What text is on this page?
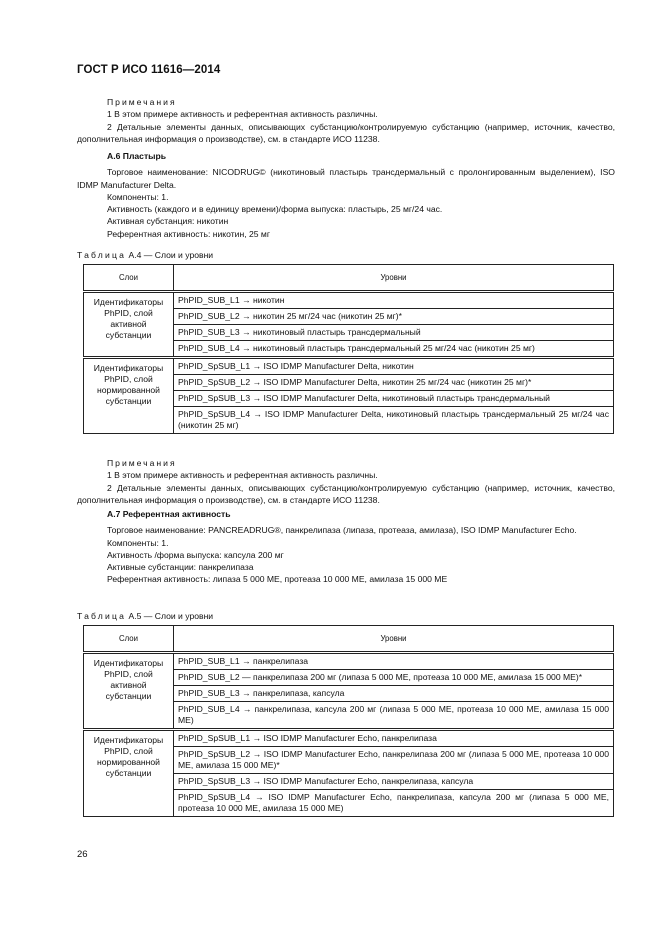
ГОСТ Р ИСО 11616—2014

Примечания

1 В этом примере активность и референтная активность различны.

2 Детальные элементы данных, описывающих субстанцию/контролируемую субстанцию (например, источник, качество, дополнительная информация о производстве), см. в стандарте ИСО 11238.

А.6 Пластырь

Торговое наименование: NICODRUG© (никотиновый пластырь трансдермальный с пролонгированным выделением), ISO IDMP Manufacturer Delta.

Компоненты: 1.

Активность (каждого и в единицу времени)/форма выпуска: пластырь, 25 мг/24 час.

Активная субстанция: никотин

Референтная активность: никотин, 25 мг

Таблица А.4 — Слои и уровни
Слои	Уровни

Идентификаторы PhPID, слой активной субстанции	PhPID_SUB_L1 → никотин
	PhPID_SUB_L2 → никотин 25 мг/24 час (никотин 25 мг)*
	PhPID_SUB_L3 → никотиновый пластырь трансдермальный
	PhPID_SUB_L4 → никотиновый пластырь трансдермальный 25 мг/24 час (никотин 25 мг)

Идентификаторы PhPID, слой нормированной субстанции	PhPID_SpSUB_L1 → ISO IDMP Manufacturer Delta, никотин
	PhPID_SpSUB_L2 → ISO IDMP Manufacturer Delta, никотин 25 мг/24 час (никотин 25 мг)*
	PhPID_SpSUB_L3 → ISO IDMP Manufacturer Delta, никотиновый пластырь трансдермальный
	PhPID_SpSUB_L4 → ISO IDMP Manufacturer Delta, никотиновый пластырь трансдермальный 25 мг/24 час (никотин 25 мг)

Примечания

1 В этом примере активность и референтная активность различны.

2 Детальные элементы данных, описывающих субстанцию/контролируемую субстанцию (например, источник, качество, дополнительная информация о производстве), см. в стандарте ИСО 11238.

А.7 Референтная активность

Торговое наименование: PANCREADRUG®, панкрелипаза (липаза, протеаза, амилаза), ISO IDMP Manufacturer Echo.

Компоненты: 1.

Активность /форма выпуска: капсула 200 мг

Активные субстанции: панкрелипаза

Референтная активность: липаза 5 000 МЕ, протеаза 10 000 МЕ, амилаза 15 000 МЕ

Таблица А.5 — Слои и уровни
Слои	Уровни

Идентификаторы PhPID, слой активной субстанции	PhPID_SUB_L1 → панкрелипаза
	PhPID_SUB_L2 — панкрелипаза 200 мг (липаза 5 000 МЕ, протеаза 10 000 МЕ, амилаза 15 000 МЕ)*
	PhPID_SUB_L3 → панкрелипаза, капсула
	PhPID_SUB_L4 → панкрелипаза, капсула 200 мг (липаза 5 000 МЕ, протеаза 10 000 МЕ, амилаза 15 000 МЕ)

Идентификаторы PhPID, слой нормированной субстанции	PhPID_SpSUB_L1 → ISO IDMP Manufacturer Echo, панкрелипаза
	PhPID_SpSUB_L2 → ISO IDMP Manufacturer Echo, панкрелипаза 200 мг (липаза 5 000 МЕ, протеаза 10 000 МЕ, амилаза 15 000 МЕ)*
	PhPID_SpSUB_L3 → ISO IDMP Manufacturer Echo, панкрелипаза, капсула
	PhPID_SpSUB_L4 → ISO IDMP Manufacturer Echo, панкрелипаза, капсула 200 мг (липаза 5 000 МЕ, протеаза 10 000 МЕ, амилаза 15 000 МЕ)
26
